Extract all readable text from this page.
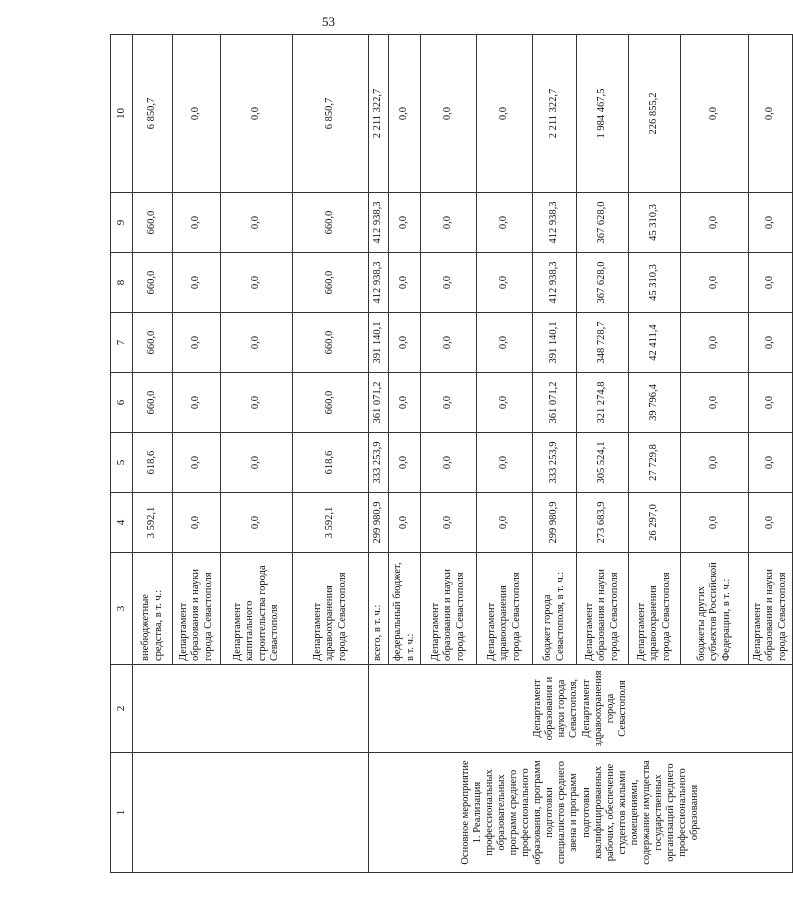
53
1	2	3	4	5	6	7	8	9	10
		внебюджетные средства, в т. ч.:	3 592,1	618,6	660,0	660,0	660,0	660,0	6 850,7
		Департамент образования и науки города Севастополя	0,0	0,0	0,0	0,0	0,0	0,0	0,0
		Департамент капитального строительства города Севастополя	0,0	0,0	0,0	0,0	0,0	0,0	0,0
		Департамент здравоохранения города Севастополя	3 592,1	618,6	660,0	660,0	660,0	660,0	6 850,7
Основное мероприятие 1. Реализация профессиональных образовательных программ среднего профессионального образования, программ подготовки специалистов среднего звена и программ подготовки квалифицированных рабочих, обеспечение студентов жилыми помещениями, содержание имущества государственных организаций среднего профессионального образования	Департамент образования и науки города Севастополя, Департамент здравоохранения города Севастополя	всего, в т. ч.:	299 980,9	333 253,9	361 071,2	391 140,1	412 938,3	412 938,3	2 211 322,7
		федеральный бюджет, в т. ч.:	0,0	0,0	0,0	0,0	0,0	0,0	0,0
		Департамент образования и науки города Севастополя	0,0	0,0	0,0	0,0	0,0	0,0	0,0
		Департамент здравоохранения города Севастополя	0,0	0,0	0,0	0,0	0,0	0,0	0,0
		бюджет города Севастополя, в т. ч.:	299 980,9	333 253,9	361 071,2	391 140,1	412 938,3	412 938,3	2 211 322,7
		Департамент образования и науки города Севастополя	273 683,9	305 524,1	321 274,8	348 728,7	367 628,0	367 628,0	1 984 467,5
		Департамент здравоохранения города Севастополя	26 297,0	27 729,8	39 796,4	42 411,4	45 310,3	45 310,3	226 855,2
		бюджеты других субъектов Российской Федерации, в т. ч.:	0,0	0,0	0,0	0,0	0,0	0,0	0,0
		Департамент образования и науки города Севастополя	0,0	0,0	0,0	0,0	0,0	0,0	0,0
